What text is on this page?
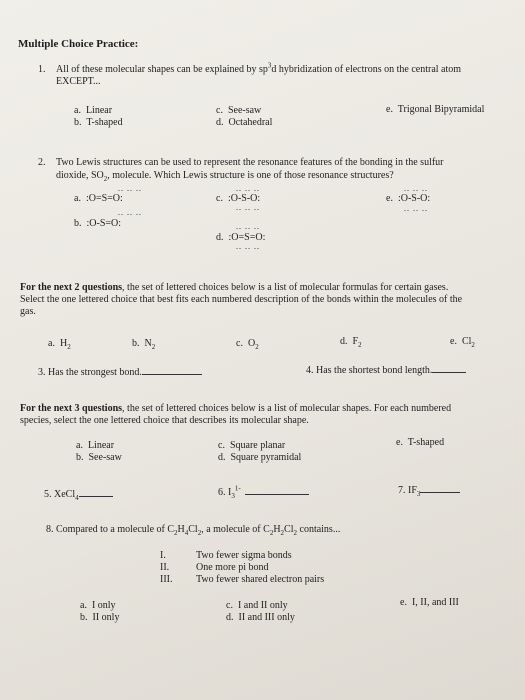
Multiple Choice Practice:
1. All of these molecular shapes can be explained by $sp^3d$ hybridization of electrons on the central atom
EXCEPT...
a. Linear
b. T-shaped
c. See-saw
d. Octahedral
e. Trigonal Bipyramidal
2. Two Lewis structures can be used to represent the resonance features of the bonding in the sulfur
dioxide, $SO_2$, molecule. Which Lewis structure is one of those resonance structures?
.. .. ..
a. :O=S=O:
.. .. ..
b. :O-S=O:
.. .. ..
c. :O-S-O:
.. .. ..
.. .. ..
d. :O=S=O:
.. .. ..
.. .. ..
e. :O-S-O:
.. .. ..
For the next 2 questions, the set of lettered choices below is a list of molecular formulas for certain gases.
Select the one lettered choice that best fits each numbered description of the bonds within the molecules of the
gas.
a. $H_2$	b. $N_2$	c. $O_2$	d. $F_2$	e. $Cl_2$
3. Has the strongest bond.	4. Has the shortest bond length.
For the next 3 questions, the set of lettered choices below is a list of molecular shapes. For each numbered
species, select the one lettered choice that describes its molecular shape.
a. Linear
b. See-saw
c. Square planar
d. Square pyramidal
e. T-shaped
5. XeCl$_4$	6. $I_3^{1-}$	7. $IF_3$
8. Compared to a molecule of $C_2H_4Cl_2$, a molecule of $C_2H_2Cl_2$ contains...
I.	Two fewer sigma bonds
II.	One more pi bond
III. Two fewer shared electron pairs
a. I only
b. II only
c. I and II only
d. II and III only
e. I, II, and III
